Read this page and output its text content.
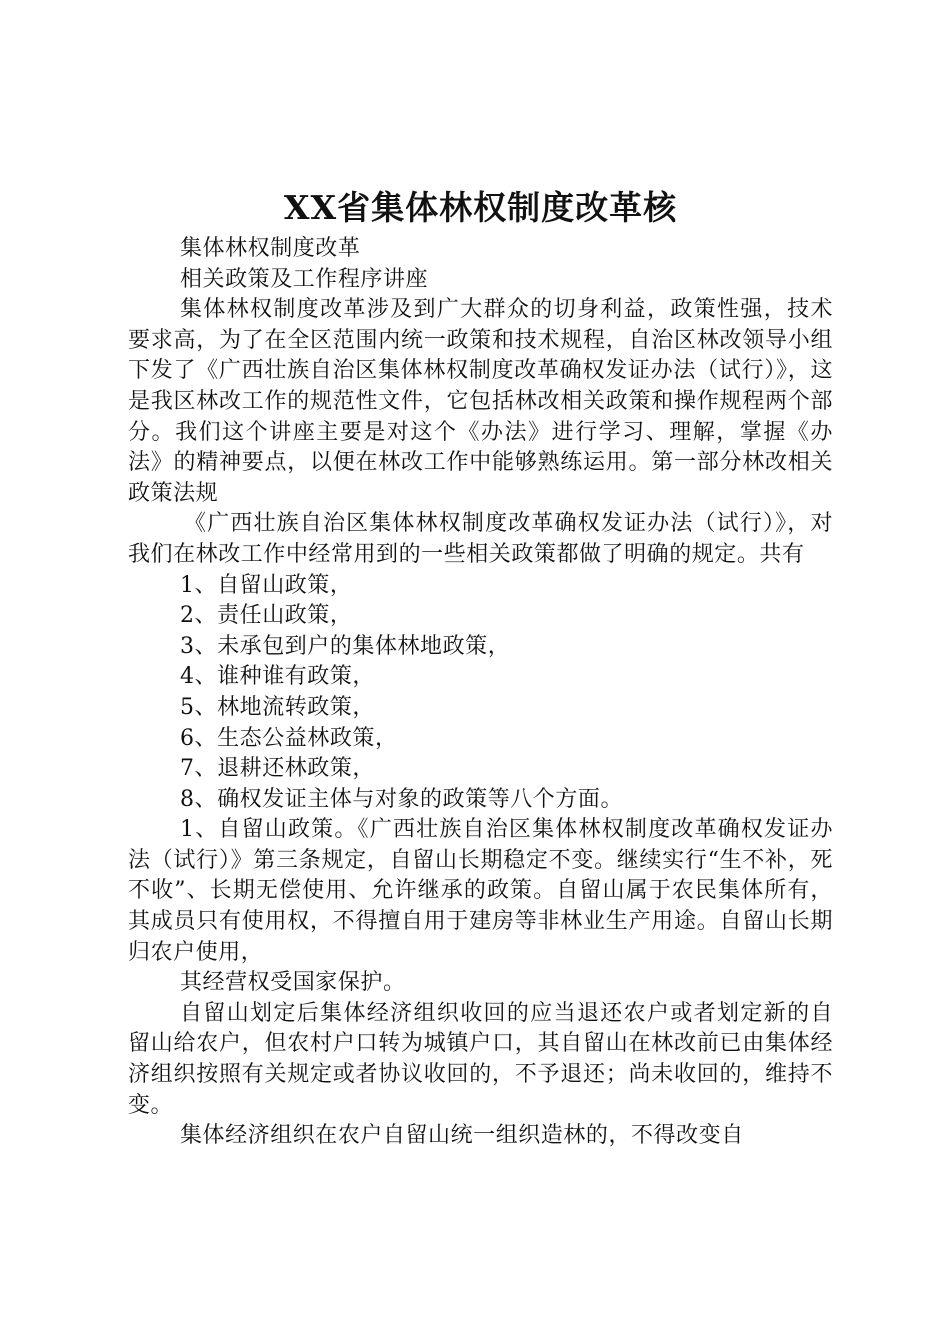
XX省集体林权制度改革核

集体林权制度改革

相关政策及工作程序讲座

集体林权制度改革涉及到广大群众的切身利益，政策性强，技术要求高，为了在全区范围内统一政策和技术规程，自治区林改领导小组下发了《广西壮族自治区集体林权制度改革确权发证办法（试行）》，这是我区林改工作的规范性文件，它包括林改相关政策和操作规程两个部分。我们这个讲座主要是对这个《办法》进行学习、理解，掌握《办法》的精神要点，以便在林改工作中能够熟练运用。第一部分林改相关政策法规

《广西壮族自治区集体林权制度改革确权发证办法（试行）》，对我们在林改工作中经常用到的一些相关政策都做了明确的规定。共有

1、自留山政策，

2、责任山政策，

3、未承包到户的集体林地政策，

4、谁种谁有政策，

5、林地流转政策，

6、生态公益林政策，

7、退耕还林政策，

8、确权发证主体与对象的政策等八个方面。

1、自留山政策。《广西壮族自治区集体林权制度改革确权发证办法（试行）》第三条规定，自留山长期稳定不变。继续实行“生不补，死不收”、长期无偿使用、允许继承的政策。自留山属于农民集体所有，其成员只有使用权，不得擅自用于建房等非林业生产用途。自留山长期归农户使用，

其经营权受国家保护。

自留山划定后集体经济组织收回的应当退还农户或者划定新的自留山给农户，但农村户口转为城镇户口，其自留山在林改前已由集体经济组织按照有关规定或者协议收回的，不予退还；尚未收回的，维持不变。

集体经济组织在农户自留山统一组织造林的，不得改变自
